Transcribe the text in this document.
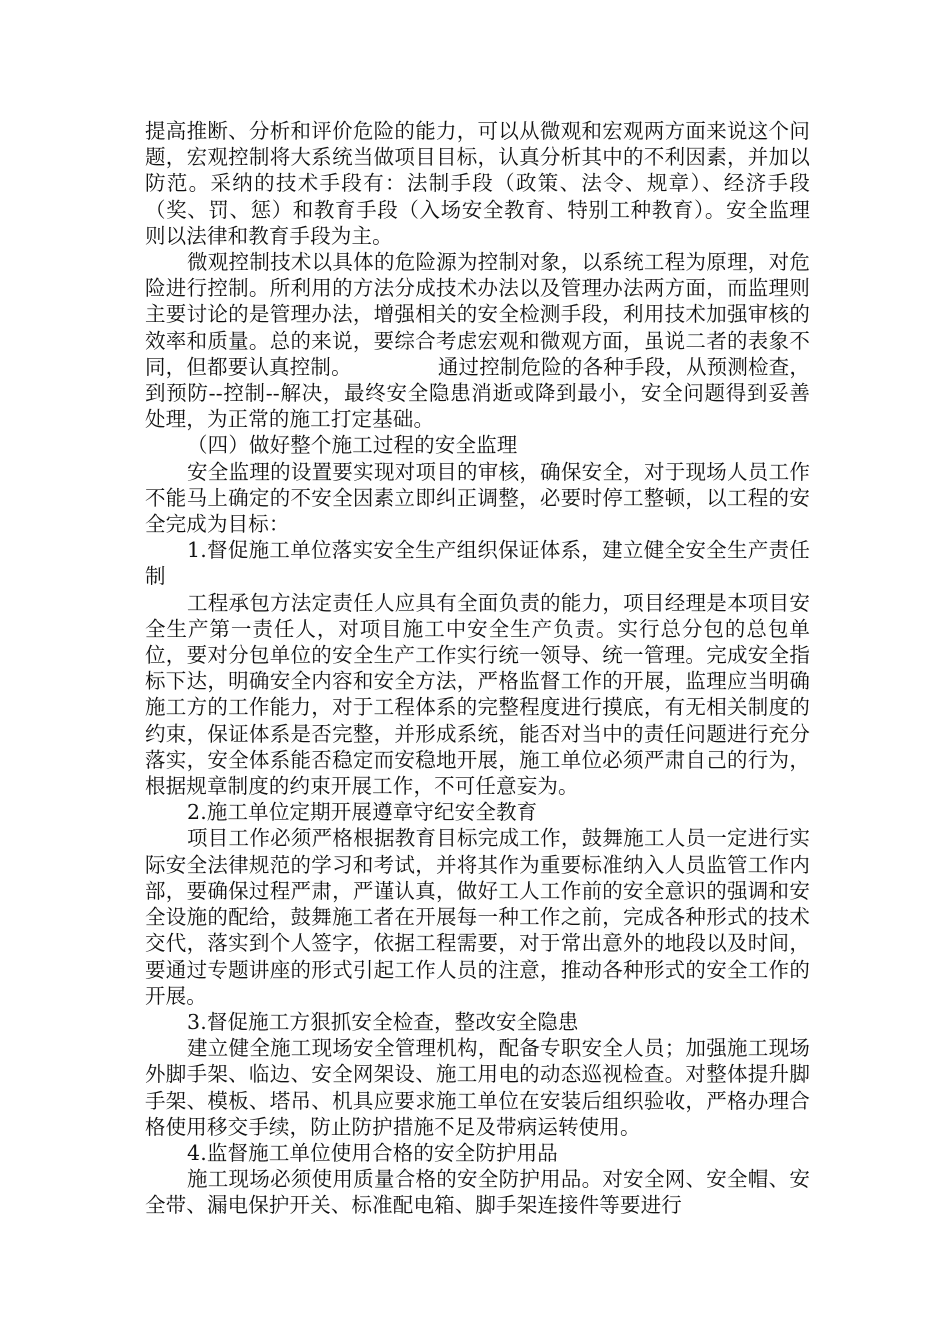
提高推断、分析和评价危险的能力，可以从微观和宏观两方面来说这个问题，宏观控制将大系统当做项目目标，认真分析其中的不利因素，并加以防范。采纳的技术手段有：法制手段（政策、法令、规章）、经济手段（奖、罚、惩）和教育手段（入场安全教育、特别工种教育）。安全监理则以法律和教育手段为主。

微观控制技术以具体的危险源为控制对象，以系统工程为原理，对危险进行控制。所利用的方法分成技术办法以及管理办法两方面，而监理则主要讨论的是管理办法，增强相关的安全检测手段，利用技术加强审核的效率和质量。总的来说，要综合考虑宏观和微观方面，虽说二者的表象不同，但都要认真控制。	通过控制危险的各种手段，从预测检查，到预防--控制--解决，最终安全隐患消逝或降到最小，安全问题得到妥善处理，为正常的施工打定基础。

（四）做好整个施工过程的安全监理

安全监理的设置要实现对项目的审核，确保安全，对于现场人员工作不能马上确定的不安全因素立即纠正调整，必要时停工整顿，以工程的安全完成为目标：

1.督促施工单位落实安全生产组织保证体系，建立健全安全生产责任制

工程承包方法定责任人应具有全面负责的能力，项目经理是本项目安全生产第一责任人，对项目施工中安全生产负责。实行总分包的总包单位，要对分包单位的安全生产工作实行统一领导、统一管理。完成安全指标下达，明确安全内容和安全方法，严格监督工作的开展，监理应当明确施工方的工作能力，对于工程体系的完整程度进行摸底，有无相关制度的约束，保证体系是否完整，并形成系统，能否对当中的责任问题进行充分落实，安全体系能否稳定而安稳地开展，施工单位必须严肃自己的行为，根据规章制度的约束开展工作，不可任意妄为。

2.施工单位定期开展遵章守纪安全教育

项目工作必须严格根据教育目标完成工作，鼓舞施工人员一定进行实际安全法律规范的学习和考试，并将其作为重要标准纳入人员监管工作内部，要确保过程严肃，严谨认真，做好工人工作前的安全意识的强调和安全设施的配给，鼓舞施工者在开展每一种工作之前，完成各种形式的技术交代，落实到个人签字，依据工程需要，对于常出意外的地段以及时间，要通过专题讲座的形式引起工作人员的注意，推动各种形式的安全工作的开展。

3.督促施工方狠抓安全检查，整改安全隐患

建立健全施工现场安全管理机构，配备专职安全人员；加强施工现场外脚手架、临边、安全网架设、施工用电的动态巡视检查。对整体提升脚手架、模板、塔吊、机具应要求施工单位在安装后组织验收，严格办理合格使用移交手续，防止防护措施不足及带病运转使用。

4.监督施工单位使用合格的安全防护用品

施工现场必须使用质量合格的安全防护用品。对安全网、安全帽、安全带、漏电保护开关、标准配电箱、脚手架连接件等要进行
